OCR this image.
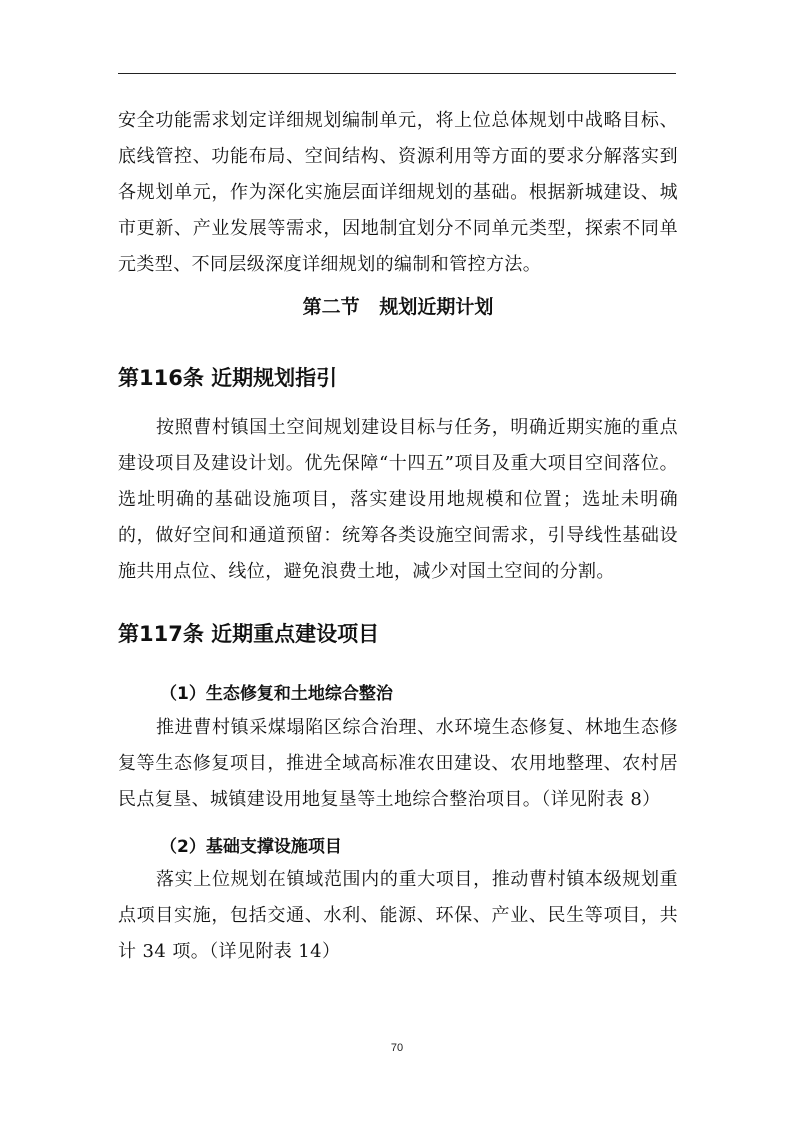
安全功能需求划定详细规划编制单元，将上位总体规划中战略目标、底线管控、功能布局、空间结构、资源利用等方面的要求分解落实到各规划单元，作为深化实施层面详细规划的基础。根据新城建设、城市更新、产业发展等需求，因地制宜划分不同单元类型，探索不同单元类型、不同层级深度详细规划的编制和管控方法。

第二节   规划近期计划
第116条 近期规划指引

按照曹村镇国土空间规划建设目标与任务，明确近期实施的重点建设项目及建设计划。优先保障“十四五”项目及重大项目空间落位。选址明确的基础设施项目，落实建设用地规模和位置；选址未明确的，做好空间和通道预留：统筹各类设施空间需求，引导线性基础设施共用点位、线位，避免浪费土地，减少对国土空间的分割。

第117条 近期重点建设项目
（1）生态修复和土地综合整治

推进曹村镇采煤塌陷区综合治理、水环境生态修复、林地生态修复等生态修复项目，推进全域高标准农田建设、农用地整理、农村居民点复垦、城镇建设用地复垦等土地综合整治项目。（详见附表 8）

（2）基础支撑设施项目

落实上位规划在镇域范围内的重大项目，推动曹村镇本级规划重点项目实施，包括交通、水利、能源、环保、产业、民生等项目，共计 34 项。（详见附表 14）

70
